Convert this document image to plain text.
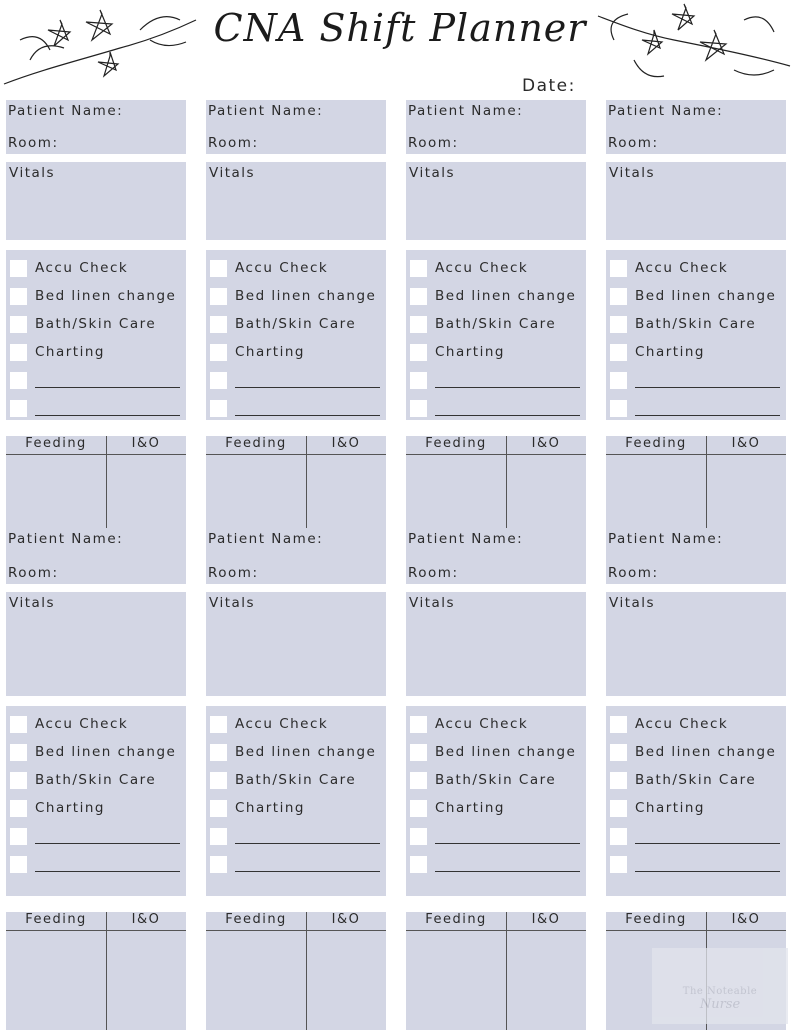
CNA Shift Planner
Date:
Patient Name:
Room:
Vitals
Accu Check
Bed linen change
Bath/Skin Care
Charting
Feeding	I&O
Patient Name:
Room:
Vitals
Accu Check
Bed linen change
Bath/Skin Care
Charting
Feeding	I&O
Patient Name:
Room:
Vitals
Accu Check
Bed linen change
Bath/Skin Care
Charting
Feeding	I&O
Patient Name:
Room:
Vitals
Accu Check
Bed linen change
Bath/Skin Care
Charting
Feeding	I&O
Patient Name:
Room:
Vitals
Accu Check
Bed linen change
Bath/Skin Care
Charting
Feeding	I&O
Patient Name:
Room:
Vitals
Accu Check
Bed linen change
Bath/Skin Care
Charting
Feeding	I&O
Patient Name:
Room:
Vitals
Accu Check
Bed linen change
Bath/Skin Care
Charting
Feeding	I&O
Patient Name:
Room:
Vitals
Accu Check
Bed linen change
Bath/Skin Care
Charting
Feeding	I&O
The Noteable
Nurse
